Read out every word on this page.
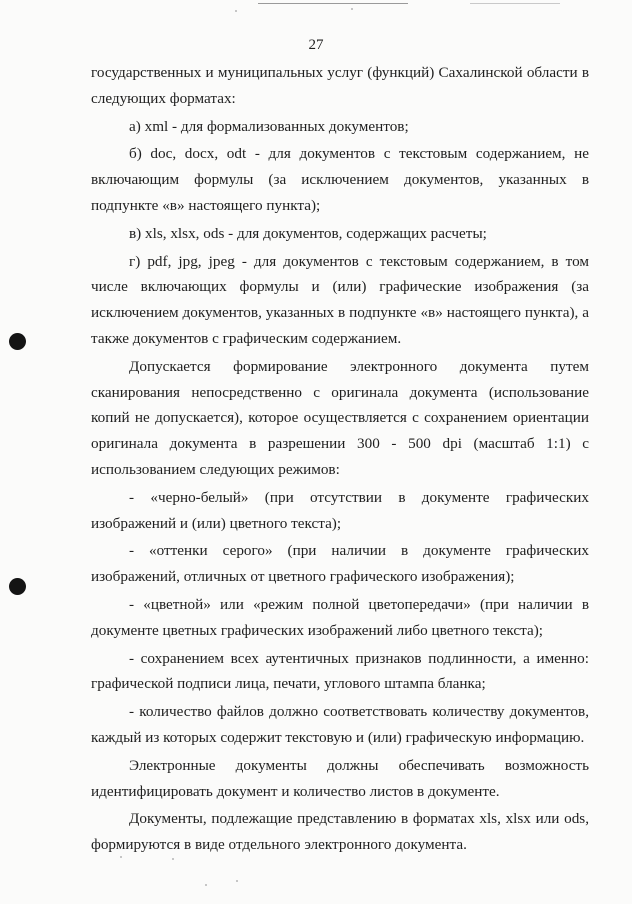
27

государственных и муниципальных услуг (функций) Сахалинской области в следующих форматах:

а) xml - для формализованных документов;

б) doc, docx, odt - для документов с текстовым содержанием, не включающим формулы (за исключением документов, указанных в подпункте «в» настоящего пункта);

в) xls, xlsx, ods - для документов, содержащих расчеты;

г) pdf, jpg, jpeg - для документов с текстовым содержанием, в том числе включающих формулы и (или) графические изображения (за исключением документов, указанных в подпункте «в» настоящего пункта), а также документов с графическим содержанием.

Допускается формирование электронного документа путем сканирования непосредственно с оригинала документа (использование копий не допускается), которое осуществляется с сохранением ориентации оригинала документа в разрешении 300 - 500 dpi (масштаб 1:1) с использованием следующих режимов:

- «черно-белый» (при отсутствии в документе графических изображений и (или) цветного текста);

- «оттенки серого» (при наличии в документе графических изображений, отличных от цветного графического изображения);

- «цветной» или «режим полной цветопередачи» (при наличии в документе цветных графических изображений либо цветного текста);

- сохранением всех аутентичных признаков подлинности, а именно: графической подписи лица, печати, углового штампа бланка;

- количество файлов должно соответствовать количеству документов, каждый из которых содержит текстовую и (или) графическую информацию.

Электронные документы должны обеспечивать возможность идентифицировать документ и количество листов в документе.

Документы, подлежащие представлению в форматах xls, xlsx или ods, формируются в виде отдельного электронного документа.
